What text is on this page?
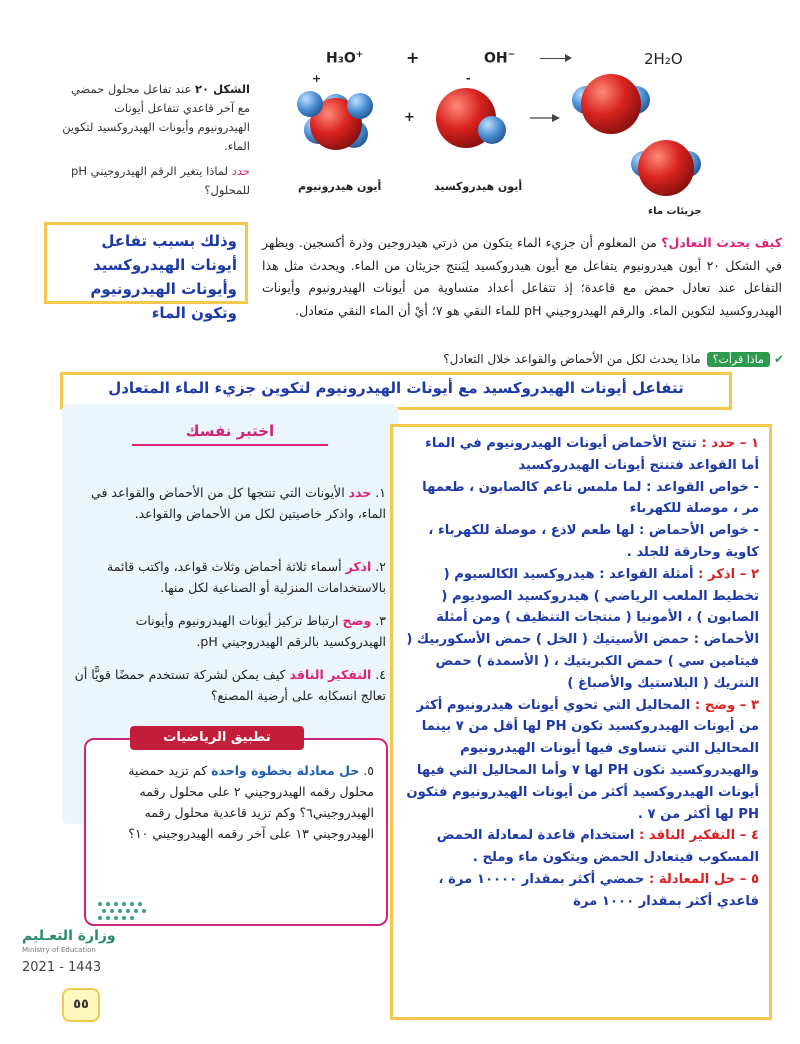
H₃O+	+	OH−	2H₂O
+	-
+
أيون هيدرونيوم	أيون هيدروكسيد
جزيئات ماء
الشكل ٢٠ عند تفاعل محلول حمضي مع آخر قاعدي تتفاعل أيونات الهيدرونيوم وأيونات الهيدروكسيد لتكوين الماء.
حدد لماذا يتغير الرقم الهيدروجيني pH للمحلول؟
وذلك بسبب تفاعل أيونات الهيدروكسيد وأيونات الهيدرونيوم وتكون الماء
كيف يحدث التعادل؟ من المعلوم أن جزيء الماء يتكون من ذرتي هيدروجين وذرة أكسجين. ويظهر في الشكل ٢٠ أيون هيدرونيوم يتفاعل مع أيون هيدروكسيد لِيَنتج جزيئان من الماء. ويحدث مثل هذا التفاعل عند تعادل حمض مع قاعدة؛ إذ تتفاعل أعداد متساوية من أيونات الهيدرونيوم وأيونات الهيدروكسيد لتكوين الماء. والرقم الهيدروجيني pH للماء النقي هو ٧؛ أيْ أن الماء النقي متعادل.
✔ماذا قرأت؟ماذا يحدث لكل من الأحماض والقواعد خلال التعادل؟
تتفاعل أيونات الهيدروكسيد مع أيونات الهيدرونيوم لتكوين جزيء الماء المتعادل
اختبر نفسك
١. حدد الأيونات التي تنتجها كل من الأحماض والقواعد في الماء، واذكر خاصيتين لكل من الأحماض والقواعد.
٢. اذكر أسماء ثلاثة أحماض وثلاث قواعد، واكتب قائمة بالاستخدامات المنزلية أو الصناعية لكل منها.
٣. وضح ارتباط تركيز أيونات الهيدرونيوم وأيونات الهيدروكسيد بالرقم الهيدروجيني pH.
٤. التفكير الناقد كيف يمكن لشركة تستخدم حمضًا قويًّا أن تعالج انسكابه على أرضية المصنع؟
تطبيق الرياضيات
٥. حل معادلة بخطوة واحدة كم تزيد حمضية محلول رقمه الهيدروجيني ٢ على محلول رقمه الهيدروجيني٦؟ وكم تزيد قاعدية محلول رقمه الهيدروجيني ١٣ على آخر رقمه الهيدروجيني ١٠؟
١ – حدد : تنتج الأحماض أيونات الهيدرونيوم في الماء أما القواعد فتنتج أيونات الهيدروكسيد
- خواص القواعد : لما ملمس ناعم كالصابون ، طعمها مر ، موصلة للكهرباء
- خواص الأحماض : لها طعم لاذع ، موصلة للكهرباء ، كاوية وحارقة للجلد .
٢ – اذكر : أمثلة القواعد : هيدروكسيد الكالسيوم ( تخطيط الملعب الرياضي ) هيدروكسيد الصوديوم ( الصابون ) ، الأمونيا ( منتجات التنظيف ) ومن أمثلة الأحماض : حمض الأسيتيك ( الخل ) حمض الأسكوربيك ( فيتامين سي ) حمض الكبريتيك ، ( الأسمدة ) حمض النتريك ( البلاستيك والأصباغ )
٣ – وضح : المحاليل التي تحوي أيونات هيدرونيوم أكثر من أيونات الهيدروكسيد تكون PH لها أقل من ٧ بينما المحاليل التي تتساوى فيها أيونات الهيدرونيوم والهيدروكسيد تكون PH لها ٧ وأما المحاليل التي فيها أيونات الهيدروكسيد أكثر من أيونات الهيدرونيوم فتكون PH لها أكثر من ٧ .
٤ – التفكير الناقد : استخدام قاعدة لمعادلة الحمض المسكوب فيتعادل الحمض ويتكون ماء وملح .
٥ – حل المعادلة : حمضي أكثر بمقدار ١٠٠٠٠ مرة ، قاعدي أكثر بمقدار ١٠٠٠ مرة
وزارة التعـليم
Ministry of Education
2021 - 1443
٥٥
